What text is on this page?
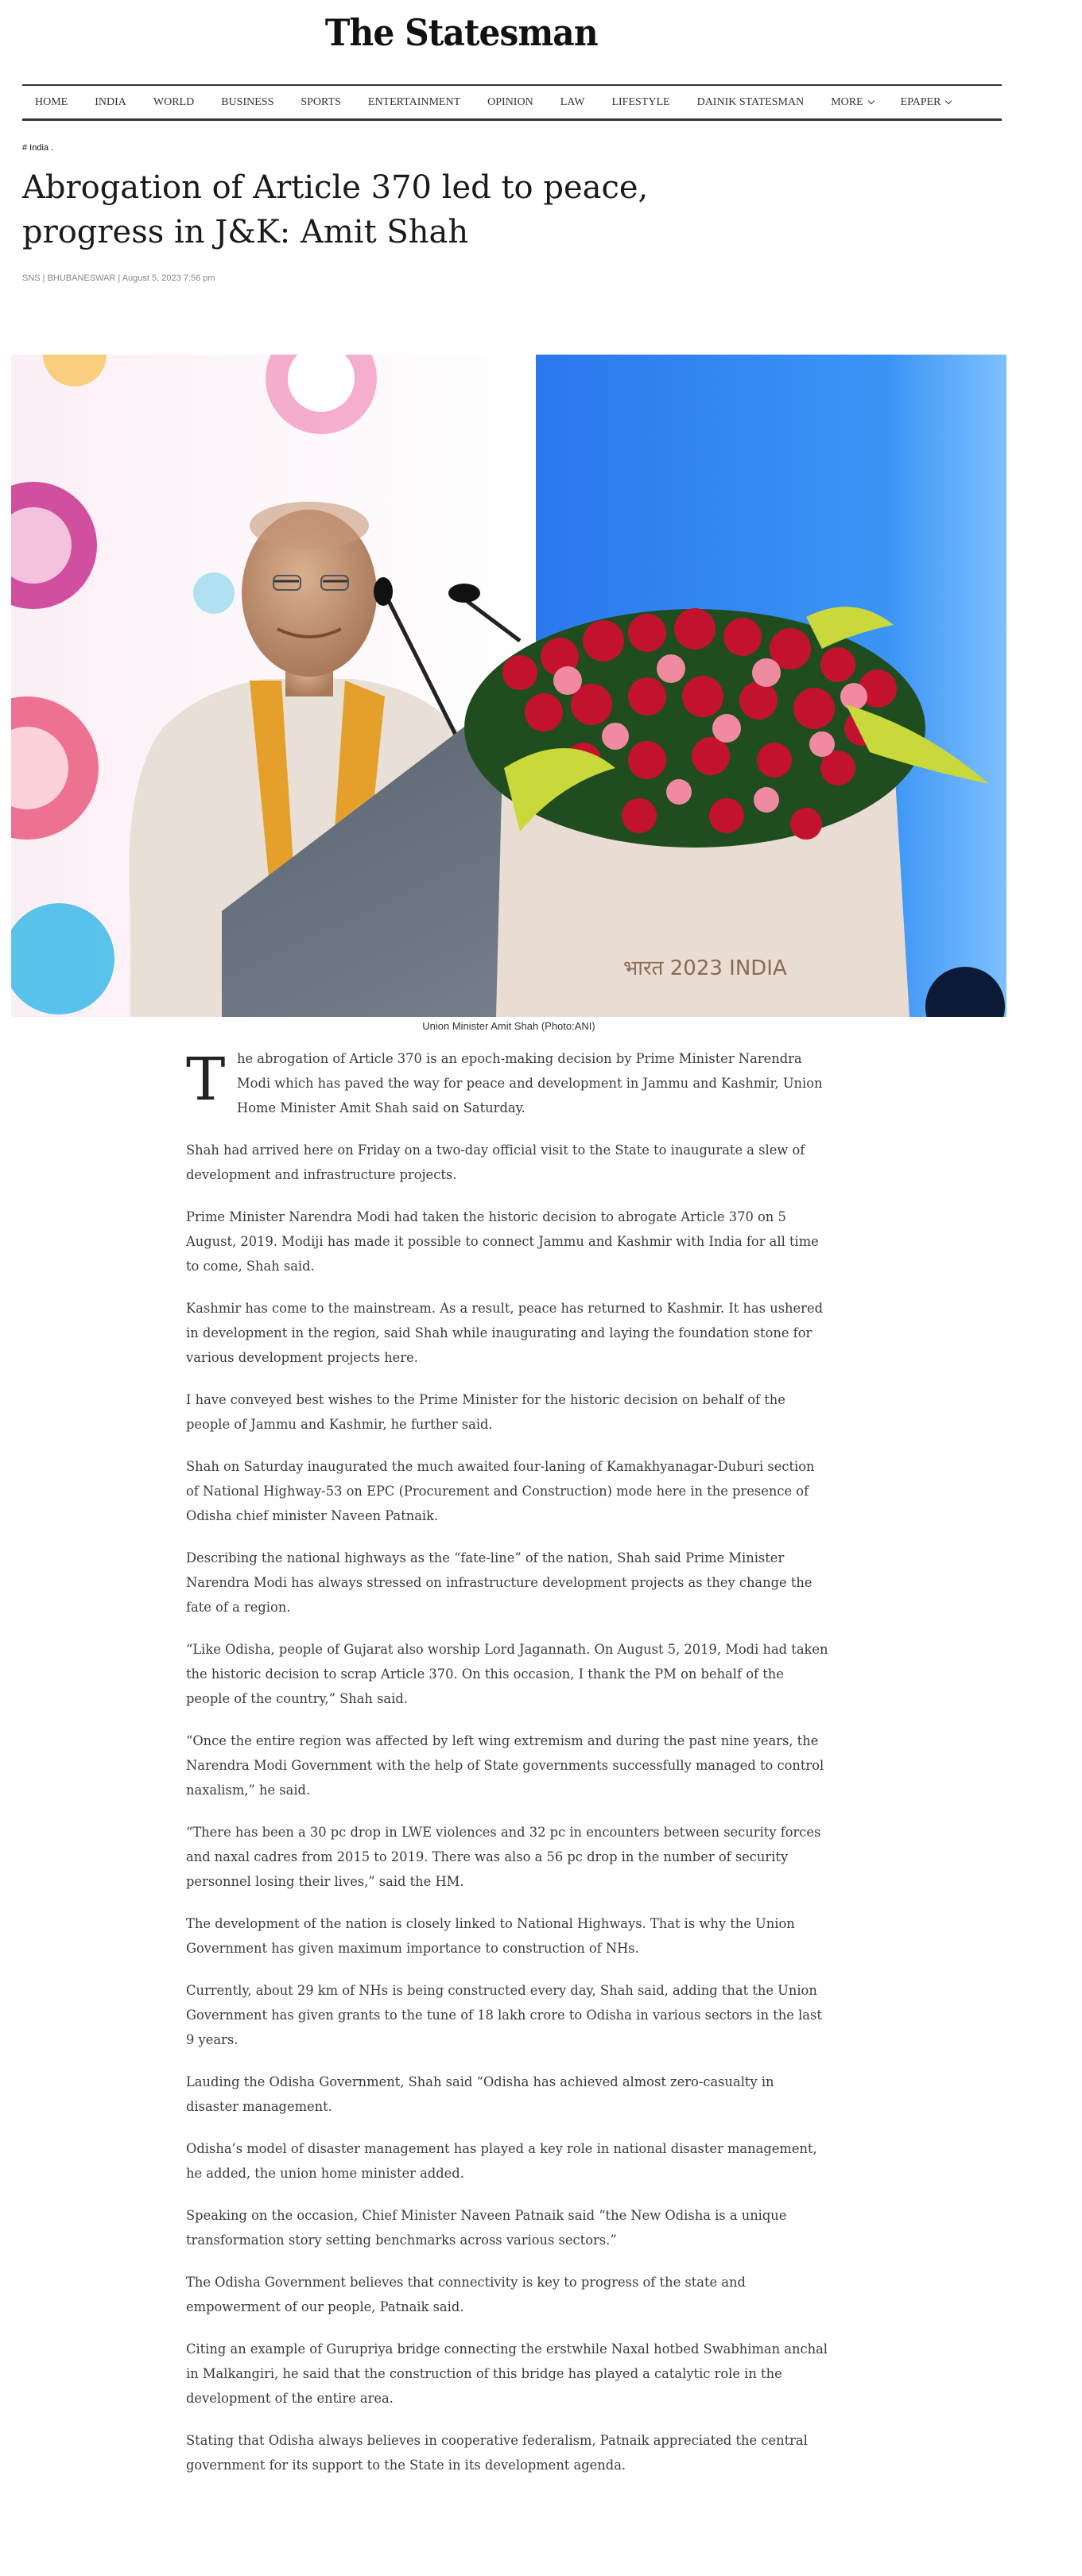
The Statesman
HOME INDIA WORLD BUSINESS SPORTS ENTERTAINMENT OPINION LAW LIFESTYLE DAINIK STATESMAN MORE	EPAPER
# India .
Abrogation of Article 370 led to peace, progress in J&K: Amit Shah
SNS | BHUBANESWAR | August 5, 2023 7:56 pm
भारत 2023 INDIA
Union Minister Amit Shah (Photo:ANI)

T he abrogation of Article 370 is an epoch-making decision by Prime Minister Narendra Modi which has paved the way for peace and development in Jammu and Kashmir, Union Home Minister Amit Shah said on Saturday.

Shah had arrived here on Friday on a two-day official visit to the State to inaugurate a slew of development and infrastructure projects.

Prime Minister Narendra Modi had taken the historic decision to abrogate Article 370 on 5 August, 2019. Modiji has made it possible to connect Jammu and Kashmir with India for all time to come, Shah said.

Kashmir has come to the mainstream. As a result, peace has returned to Kashmir. It has ushered in development in the region, said Shah while inaugurating and laying the foundation stone for various development projects here.

I have conveyed best wishes to the Prime Minister for the historic decision on behalf of the people of Jammu and Kashmir, he further said.

Shah on Saturday inaugurated the much awaited four-laning of Kamakhyanagar-Duburi section of National Highway-53 on EPC (Procurement and Construction) mode here in the presence of Odisha chief minister Naveen Patnaik.

Describing the national highways as the “fate-line” of the nation, Shah said Prime Minister Narendra Modi has always stressed on infrastructure development projects as they change the fate of a region.

“Like Odisha, people of Gujarat also worship Lord Jagannath. On August 5, 2019, Modi had taken the historic decision to scrap Article 370. On this occasion, I thank the PM on behalf of the people of the country,” Shah said.

“Once the entire region was affected by left wing extremism and during the past nine years, the Narendra Modi Government with the help of State governments successfully managed to control naxalism,” he said.

“There has been a 30 pc drop in LWE violences and 32 pc in encounters between security forces and naxal cadres from 2015 to 2019. There was also a 56 pc drop in the number of security personnel losing their lives,” said the HM.

The development of the nation is closely linked to National Highways. That is why the Union Government has given maximum importance to construction of NHs.

Currently, about 29 km of NHs is being constructed every day, Shah said, adding that the Union Government has given grants to the tune of 18 lakh crore to Odisha in various sectors in the last 9 years.

Lauding the Odisha Government, Shah said “Odisha has achieved almost zero-casualty in disaster management.

Odisha’s model of disaster management has played a key role in national disaster management, he added, the union home minister added.

Speaking on the occasion, Chief Minister Naveen Patnaik said “the New Odisha is a unique transformation story setting benchmarks across various sectors.”

The Odisha Government believes that connectivity is key to progress of the state and empowerment of our people, Patnaik said.

Citing an example of Gurupriya bridge connecting the erstwhile Naxal hotbed Swabhiman anchal in Malkangiri, he said that the construction of this bridge has played a catalytic role in the development of the entire area.

Stating that Odisha always believes in cooperative federalism, Patnaik appreciated the central government for its support to the State in its development agenda.
